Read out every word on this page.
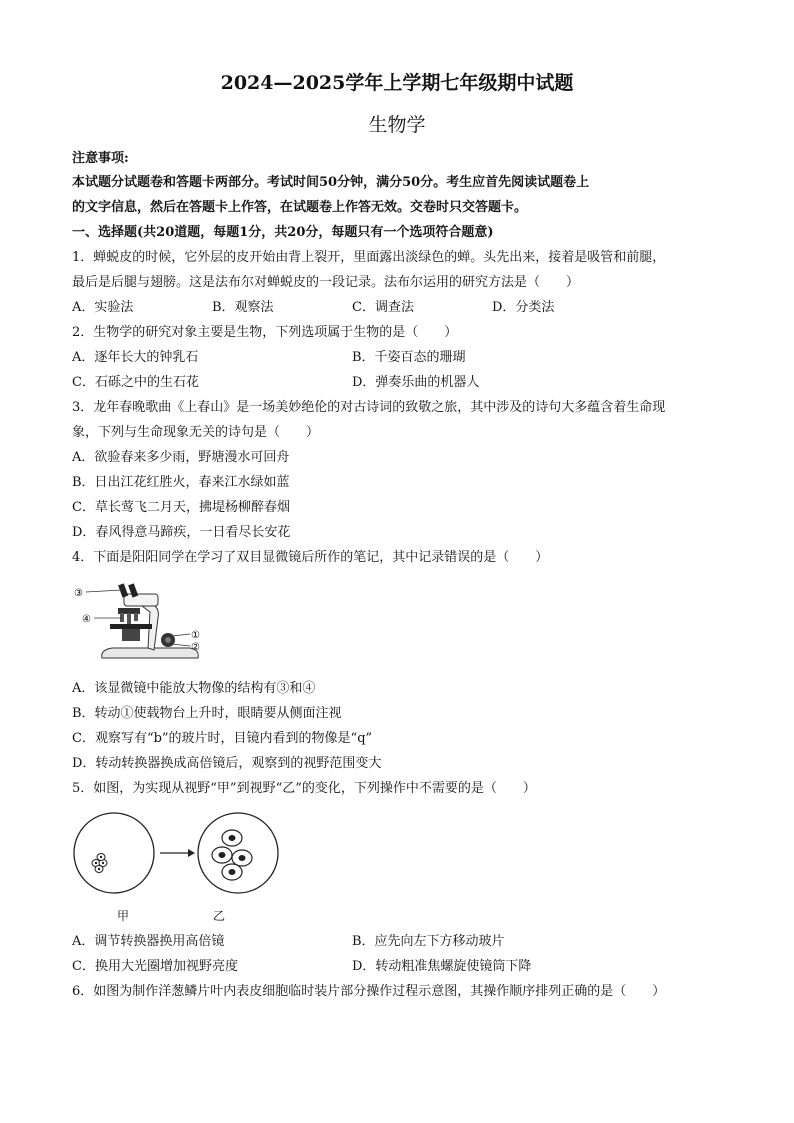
2024—2025学年上学期七年级期中试题
生物学
注意事项:
本试题分试题卷和答题卡两部分。考试时间50分钟，满分50分。考生应首先阅读试题卷上
的文字信息，然后在答题卡上作答，在试题卷上作答无效。交卷时只交答题卡。
一、选择题(共20道题，每题1分，共20分，每题只有一个选项符合题意)
1．蝉蜕皮的时候，它外层的皮开始由背上裂开，里面露出淡绿色的蝉。头先出来，接着是吸管和前腿，
最后是后腿与翅膀。这是法布尔对蝉蜕皮的一段记录。法布尔运用的研究方法是（　　）
A．实验法	B．观察法	C．调查法	D．分类法
2．生物学的研究对象主要是生物，下列选项属于生物的是（　　）
A．逐年长大的钟乳石	B．千姿百态的珊瑚
C．石砾之中的生石花	D．弹奏乐曲的机器人
3．龙年春晚歌曲《上春山》是一场美妙绝伦的对古诗词的致敬之旅，其中涉及的诗句大多蕴含着生命现
象，下列与生命现象无关的诗句是（　　）
A．欲验春来多少雨，野塘漫水可回舟
B．日出江花红胜火，春来江水绿如蓝
C．草长莺飞二月天，拂堤杨柳醉春烟
D．春风得意马蹄疾，一日看尽长安花
4．下面是阳阳同学在学习了双目显微镜后所作的笔记，其中记录错误的是（　　）
③
④
①
②
A．该显微镜中能放大物像的结构有③和④
B．转动①使载物台上升时，眼睛要从侧面注视
C．观察写有“b”的玻片时，目镜内看到的物像是“q”
D．转动转换器换成高倍镜后，观察到的视野范围变大
5．如图，为实现从视野“甲”到视野“乙”的变化，下列操作中不需要的是（　　）
甲	乙
A．调节转换器换用高倍镜	B．应先向左下方移动玻片
C．换用大光圈增加视野亮度	D．转动粗准焦螺旋使镜筒下降
6．如图为制作洋葱鳞片叶内表皮细胞临时装片部分操作过程示意图，其操作顺序排列正确的是（　　）
